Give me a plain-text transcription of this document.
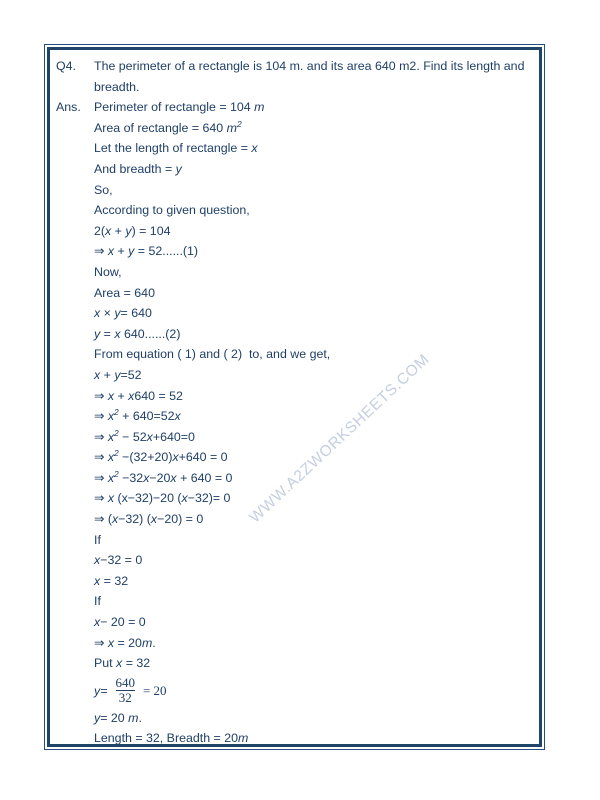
WWW.A2ZWORKSHEETS.COM
Q4.	The perimeter of a rectangle is 104 m. and its area 640 m2. Find its length and
breadth.
Ans.	Perimeter of rectangle = 104 m
Area of rectangle = 640 $m^2$
Let the length of rectangle = x
And breadth = y
So,
According to given question,
2(x + y) = 104
⇒ x + y = 52......(1)
Now,
Area = 640
x × y= 640
y = x 640......(2)
From equation ( 1) and ( 2)  to, and we get,
x + y=52
⇒ x + x640 = 52
⇒ $x^2 + 640=52x$
⇒ $x^2 - 52x+640=0$
⇒ $x^2 -(32+20)x+640 = 0$
⇒ $x^2 -32x-20x + 640 = 0$
⇒ x (x−32)−20 (x−32)= 0
⇒ (x−32) (x−20) = 0
If
x−32 = 0
x = 32
If
x− 20 = 0
⇒ x = 20m.
Put x = 32
$y= \frac{640}{32} = 20$
y= 20 m.
Length = 32, Breadth = 20m
